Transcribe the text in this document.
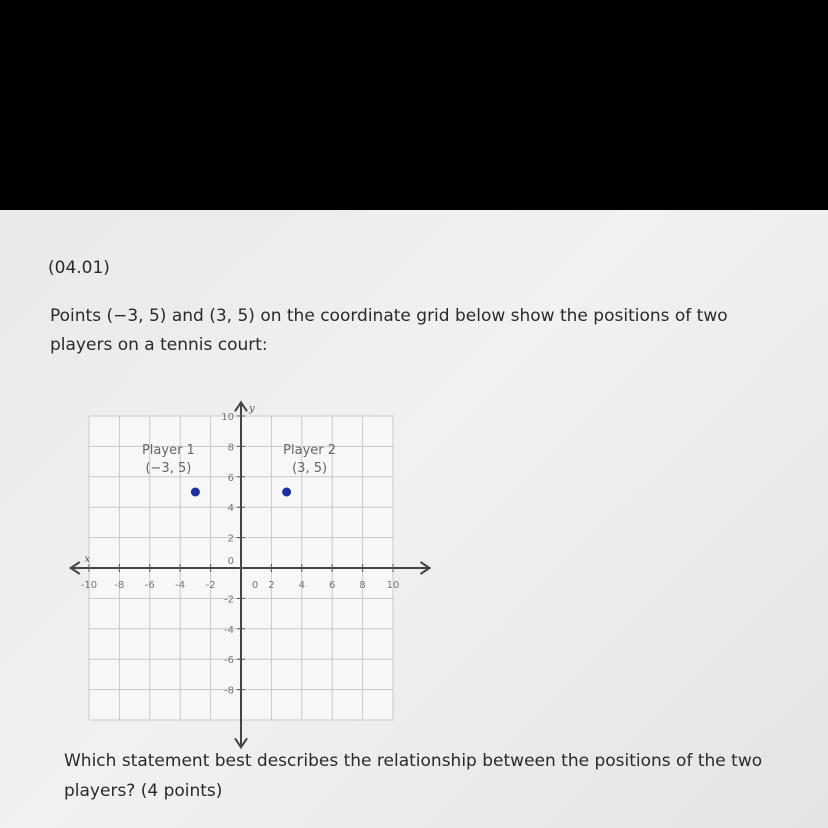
(04.01)
Points (−3, 5) and (3, 5) on the coordinate grid below show the positions of two players on a tennis court:
x
y
-10 -8 -6 -4 -2	0 2 4 6 8 10
10
8
6
4
2
0
-2
-4
-6
-8
Player 1
(−3, 5)
Player 2
(3, 5)
Which statement best describes the relationship between the positions of the two players? (4 points)
